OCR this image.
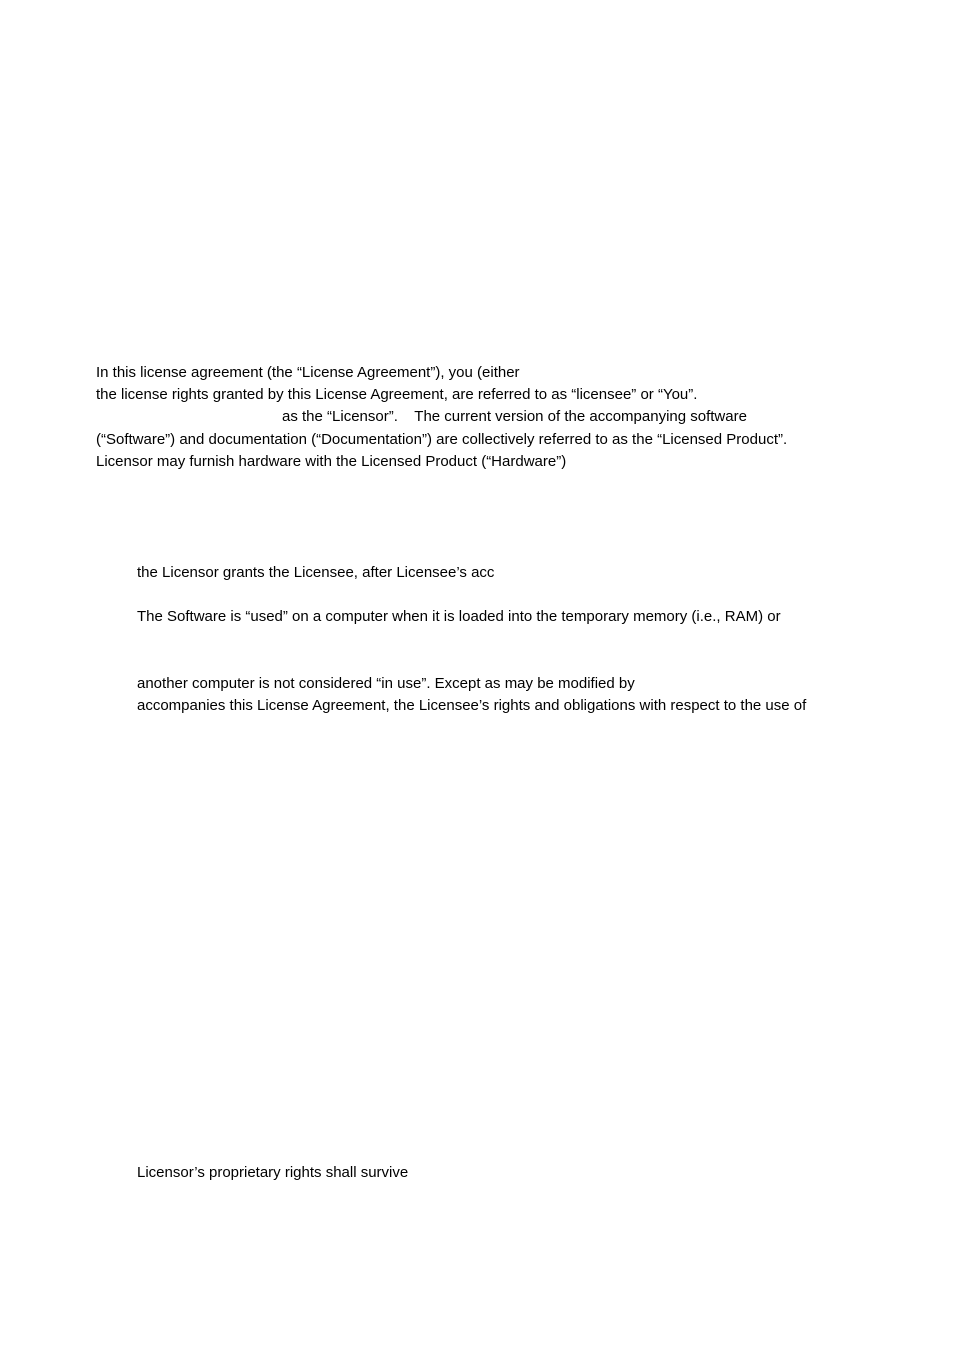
In this license agreement (the “License Agreement”), you (either
the license rights granted by this License Agreement, are referred to as “licensee” or “You”.
as the “Licensor”.    The current version of the accompanying software
(“Software”) and documentation (“Documentation”) are collectively referred to as the “Licensed Product”.
Licensor may furnish hardware with the Licensed Product (“Hardware”)
the Licensor grants the Licensee, after Licensee’s acc
The Software is “used” on a computer when it is loaded into the temporary memory (i.e., RAM) or
another computer is not considered “in use”. Except as may be modified by
accompanies this License Agreement, the Licensee’s rights and obligations with respect to the use of
Licensor’s proprietary rights shall survive
